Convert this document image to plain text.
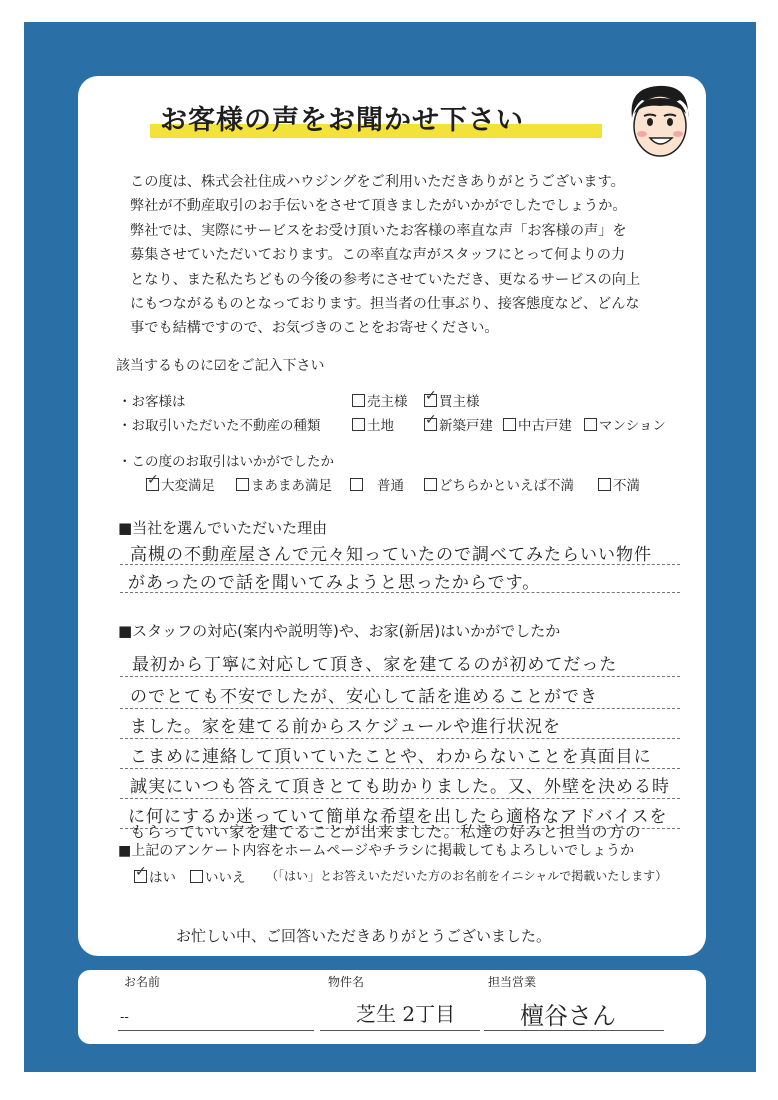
お客様の声をお聞かせ下さい

この度は、株式会社住成ハウジングをご利用いただきありがとうございます。

弊社が不動産取引のお手伝いをさせて頂きましたがいかがでしたでしょうか。

弊社では、実際にサービスをお受け頂いたお客様の率直な声「お客様の声」を

募集させていただいております。この率直な声がスタッフにとって何よりの力

となり、また私たちどもの今後の参考にさせていただき、更なるサービスの向上

にもつながるものとなっております。担当者の仕事ぶり、接客態度など、どんな

事でも結構ですので、お気づきのことをお寄せください。

該当するものに☑をご記入下さい
・お客様は	売主様 ✓	買主様
・お取引いただいた不動産の種類	土地 ✓	新築戸建	中古戸建	マンション
・この度のお取引はいかがでしたか
✓大変満足	まあまあ満足	普通	どちらかといえば不満	不満
■当社を選んでいただいた理由
高槻の不動産屋さんで元々知っていたので調べてみたらいい物件
があったので話を聞いてみようと思ったからです。
■スタッフの対応(案内や説明等)や、お家(新居)はいかがでしたか
最初から丁寧に対応して頂き、家を建てるのが初めてだった
のでとても不安でしたが、安心して話を進めることができ
ました。家を建てる前からスケジュールや進行状況を
こまめに連絡して頂いていたことや、わからないことを真面目に
誠実にいつも答えて頂きとても助かりました。又、外壁を決める時
に何にするか迷っていて簡単な希望を出したら適格なアドバイスを
もらっていい家を建てることが出来ました。私達の好みと担当の方の
■上記のアンケート内容をホームページやチラシに掲載してもよろしいでしょうか
✓はい	いいえ （「はい」とお答えいただいた方のお名前をイニシャルで掲載いたします）
お忙しい中、ご回答いただきありがとうございました。
お名前	物件名	担当営業
--	芝生 2丁目	檀谷さん
